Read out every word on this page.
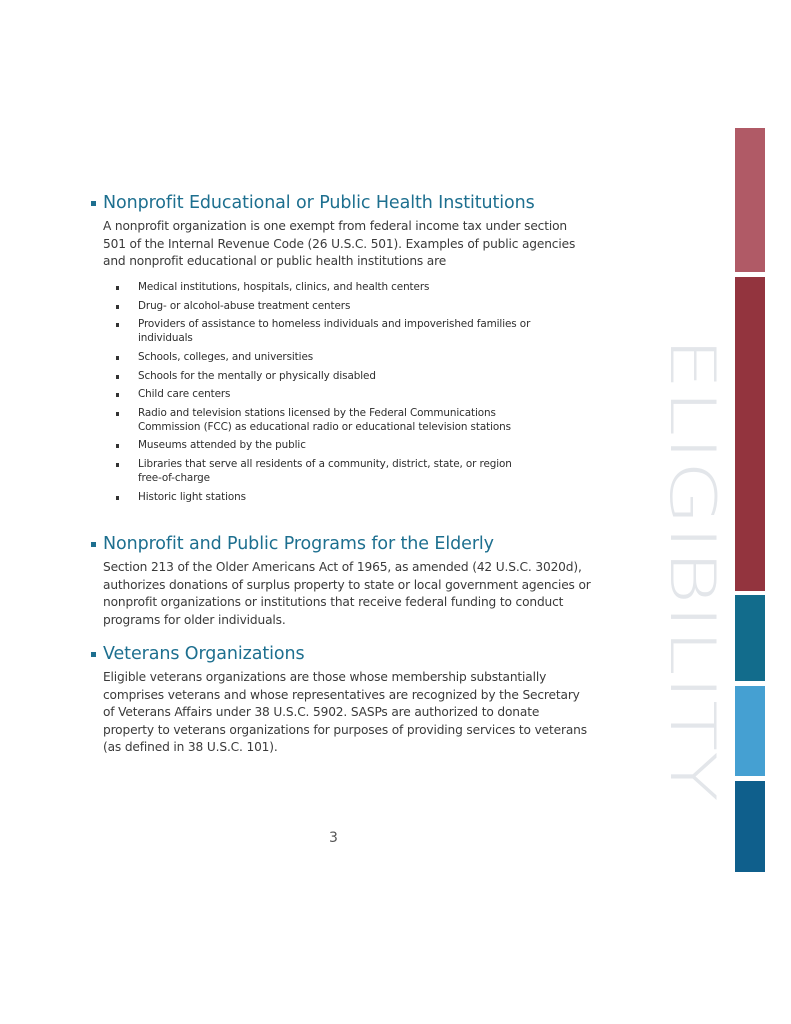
Nonprofit Educational or Public Health Institutions

A nonprofit organization is one exempt from federal income tax under section 501 of the Internal Revenue Code (26 U.S.C. 501). Examples of public agencies and nonprofit educational or public health institutions are

Medical institutions, hospitals, clinics, and health centers
Drug- or alcohol-abuse treatment centers
Providers of assistance to homeless individuals and impoverished families or individuals
Schools, colleges, and universities
Schools for the mentally or physically disabled
Child care centers
Radio and television stations licensed by the Federal Communications Commission (FCC) as educational radio or educational television stations
Museums attended by the public
Libraries that serve all residents of a community, district, state, or region free-of-charge
Historic light stations
Nonprofit and Public Programs for the Elderly

Section 213 of the Older Americans Act of 1965, as amended (42 U.S.C. 3020d), authorizes donations of surplus property to state or local government agencies or nonprofit organizations or institutions that receive federal funding to conduct programs for older individuals.

Veterans Organizations

Eligible veterans organizations are those whose membership substantially comprises veterans and whose representatives are recognized by the Secretary of Veterans Affairs under 38 U.S.C. 5902. SASPs are authorized to donate property to veterans organizations for purposes of providing services to veterans (as defined in 38 U.S.C. 101).

3
ELIGIBILITY
